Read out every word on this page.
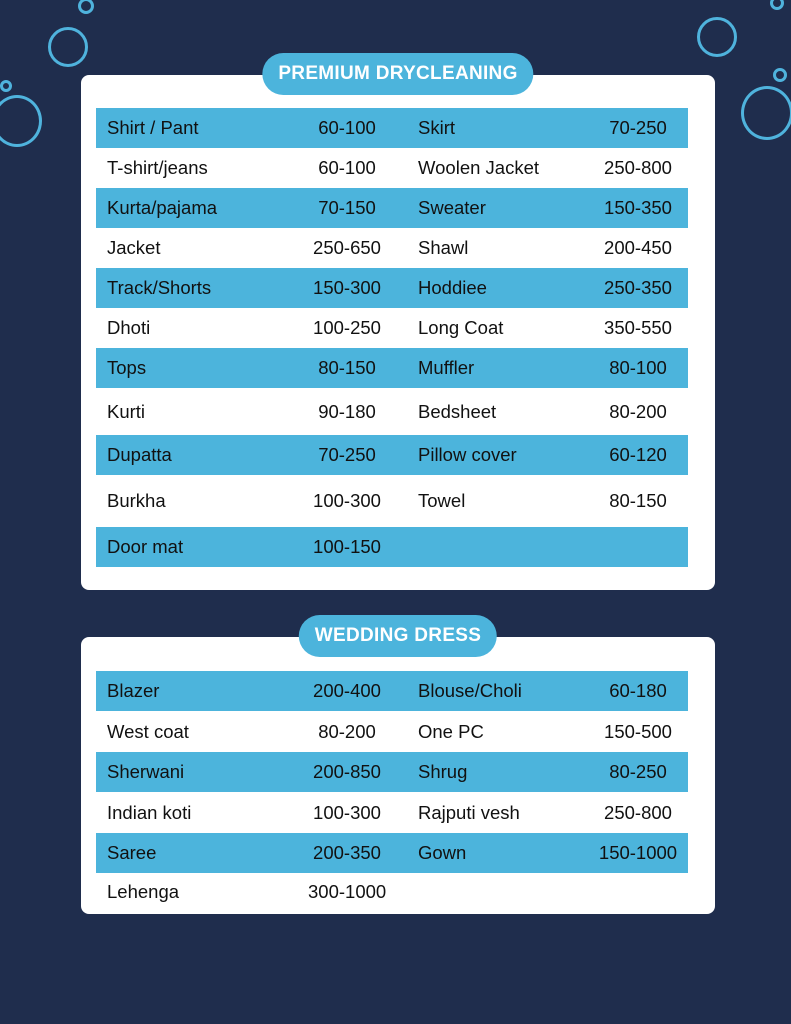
PREMIUM DRYCLEANING
Shirt / Pant	60-100	Skirt	70-250
T-shirt/jeans	60-100	Woolen Jacket	250-800
Kurta/pajama	70-150	Sweater	150-350
Jacket	250-650 Shawl	200-450
Track/Shorts	150-300 Hoddiee	250-350
Dhoti	100-250 Long Coat	350-550
Tops	80-150	Muffler	80-100
Kurti	90-180	Bedsheet	80-200
Dupatta	70-250	Pillow cover	60-120
Burkha	100-300 Towel	80-150
Door mat	100-150
WEDDING DRESS
Blazer	200-400 Blouse/Choli	60-180
West coat	80-200	One PC	150-500
Sherwani	200-850 Shrug	80-250
Indian koti	100-300 Rajputi vesh	250-800
Saree	200-350 Gown	150-1000
Lehenga	300-1000
